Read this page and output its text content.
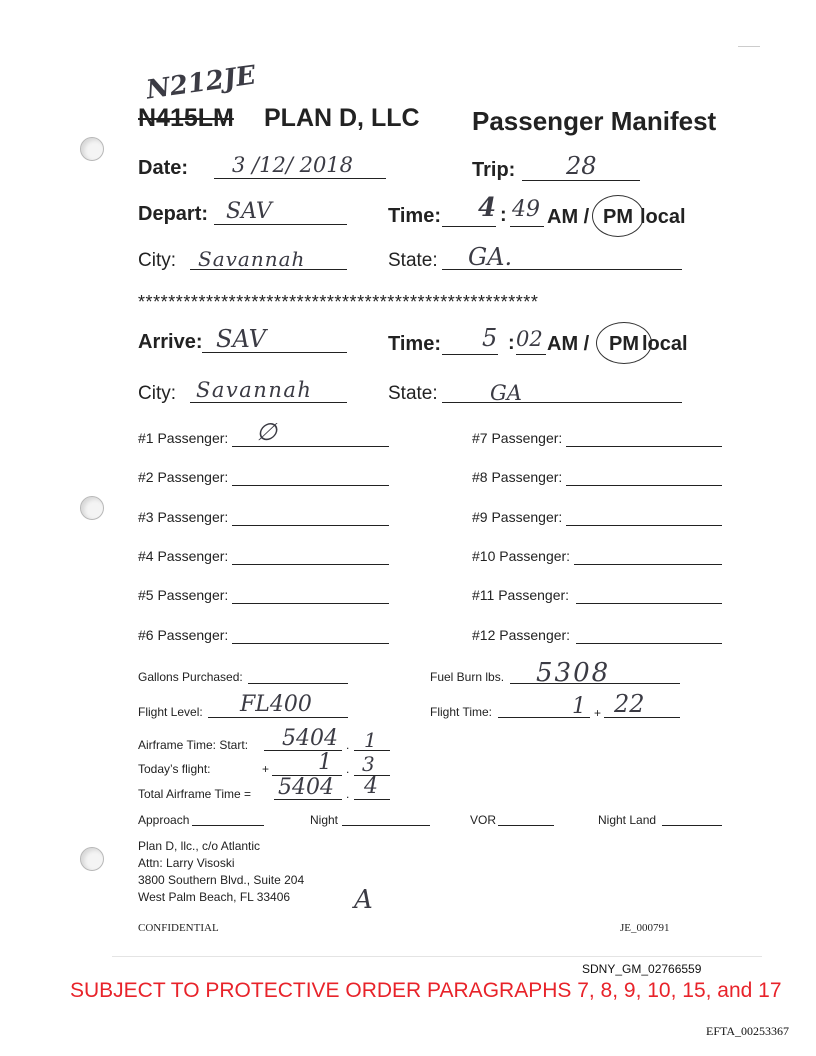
N212JE
N415LM PLAN D, LLC Passenger Manifest
Date: 3 /12/ 2018	Trip: 28
Depart: SAV	Time: 4 : 49 AM / PM local
City: Savannah	State: GA.
*****************************************************
Arrive: SAV	Time: 5 : 02 AM / PM local
City: Savannah	State: GA
#1 Passenger: ∅
#2 Passenger:
#3 Passenger:
#4 Passenger:
#5 Passenger:
#6 Passenger:
#7 Passenger:
#8 Passenger:
#9 Passenger:
#10 Passenger:
#11 Passenger:
#12 Passenger:
Gallons Purchased:	Fuel Burn lbs. 5308
Flight Level: FL400	Flight Time:	1 + 22
Airframe Time: Start: 5404 . 1
Today’s flight:	+ 1 . 3
Total Airframe Time = 5404 . 4
Approach	Night	VOR	Night Land
Plan D, llc., c/o Atlantic
Attn: Larry Visoski
3800 Southern Blvd., Suite 204
West Palm Beach, FL 33406 A
CONFIDENTIAL	JE_000791
SDNY_GM_02766559
SUBJECT TO PROTECTIVE ORDER PARAGRAPHS 7, 8, 9, 10, 15, and 17
EFTA_00253367
